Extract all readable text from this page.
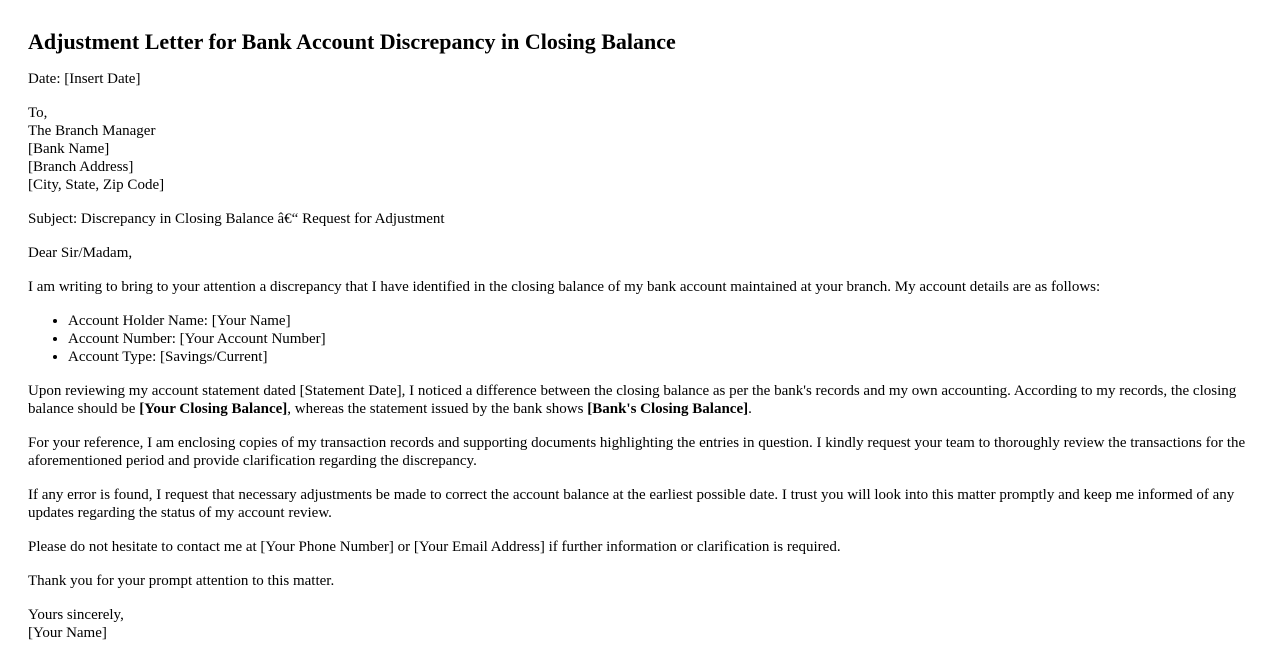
Adjustment Letter for Bank Account Discrepancy in Closing Balance

Date: [Insert Date]

To,

The Branch Manager

[Bank Name]

[Branch Address]

[City, State, Zip Code]

Subject: Discrepancy in Closing Balance â€“ Request for Adjustment

Dear Sir/Madam,

I am writing to bring to your attention a discrepancy that I have identified in the closing balance of my bank account maintained at your branch. My account details are as follows:

• Account Holder Name: [Your Name]
• Account Number: [Your Account Number]
• Account Type: [Savings/Current]

Upon reviewing my account statement dated [Statement Date], I noticed a difference between the closing balance as per the bank's records and my own accounting. According to my records, the closing balance should be [Your Closing Balance], whereas the statement issued by the bank shows [Bank's Closing Balance].

For your reference, I am enclosing copies of my transaction records and supporting documents highlighting the entries in question. I kindly request your team to thoroughly review the transactions for the aforementioned period and provide clarification regarding the discrepancy.

If any error is found, I request that necessary adjustments be made to correct the account balance at the earliest possible date. I trust you will look into this matter promptly and keep me informed of any updates regarding the status of my account review.

Please do not hesitate to contact me at [Your Phone Number] or [Your Email Address] if further information or clarification is required.

Thank you for your prompt attention to this matter.

Yours sincerely,

[Your Name]
